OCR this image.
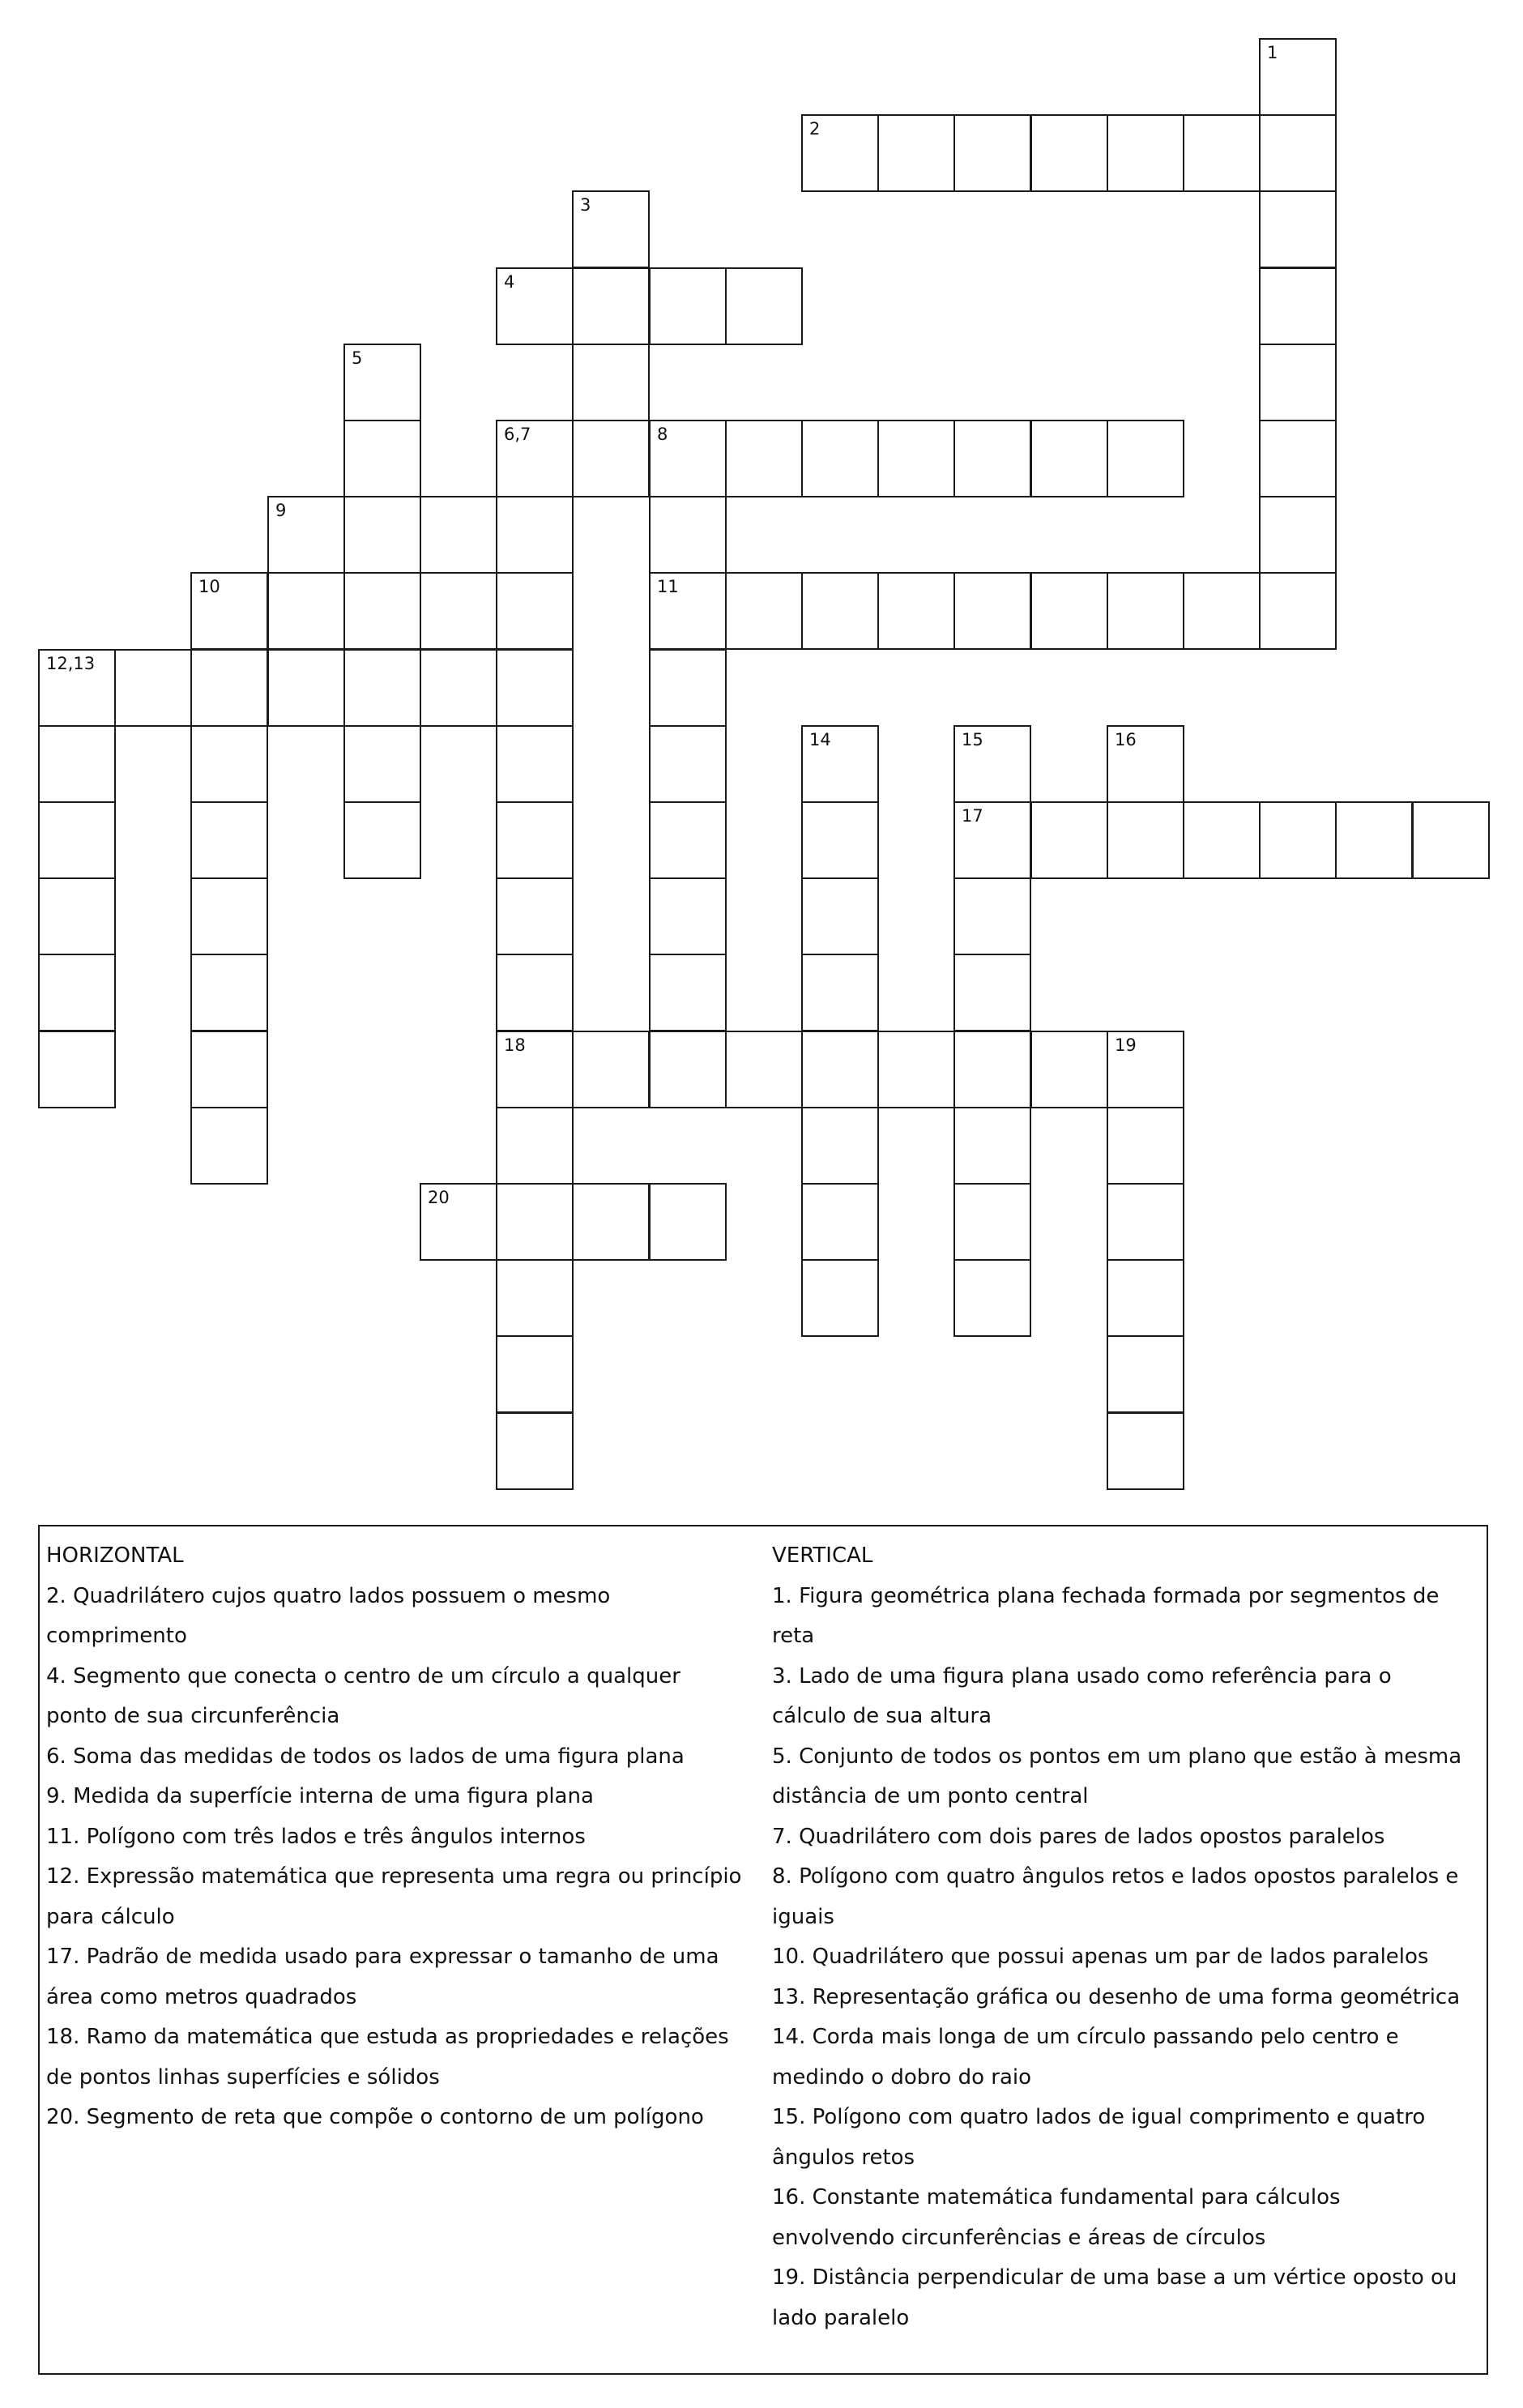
2
4
6,7	8
9
10	11
12,13
17
18	19
20
1
3
5
14	15	16
HORIZONTAL
2. Quadrilátero cujos quatro lados possuem o mesmo
comprimento
4. Segmento que conecta o centro de um círculo a qualquer
ponto de sua circunferência
6. Soma das medidas de todos os lados de uma figura plana
9. Medida da superfície interna de uma figura plana
11. Polígono com três lados e três ângulos internos
12. Expressão matemática que representa uma regra ou princípio
para cálculo
17. Padrão de medida usado para expressar o tamanho de uma
área como metros quadrados
18. Ramo da matemática que estuda as propriedades e relações
de pontos linhas superfícies e sólidos
20. Segmento de reta que compõe o contorno de um polígono
VERTICAL
1. Figura geométrica plana fechada formada por segmentos de
reta
3. Lado de uma figura plana usado como referência para o
cálculo de sua altura
5. Conjunto de todos os pontos em um plano que estão à mesma
distância de um ponto central
7. Quadrilátero com dois pares de lados opostos paralelos
8. Polígono com quatro ângulos retos e lados opostos paralelos e
iguais
10. Quadrilátero que possui apenas um par de lados paralelos
13. Representação gráfica ou desenho de uma forma geométrica
14. Corda mais longa de um círculo passando pelo centro e
medindo o dobro do raio
15. Polígono com quatro lados de igual comprimento e quatro
ângulos retos
16. Constante matemática fundamental para cálculos
envolvendo circunferências e áreas de círculos
19. Distância perpendicular de uma base a um vértice oposto ou
lado paralelo
